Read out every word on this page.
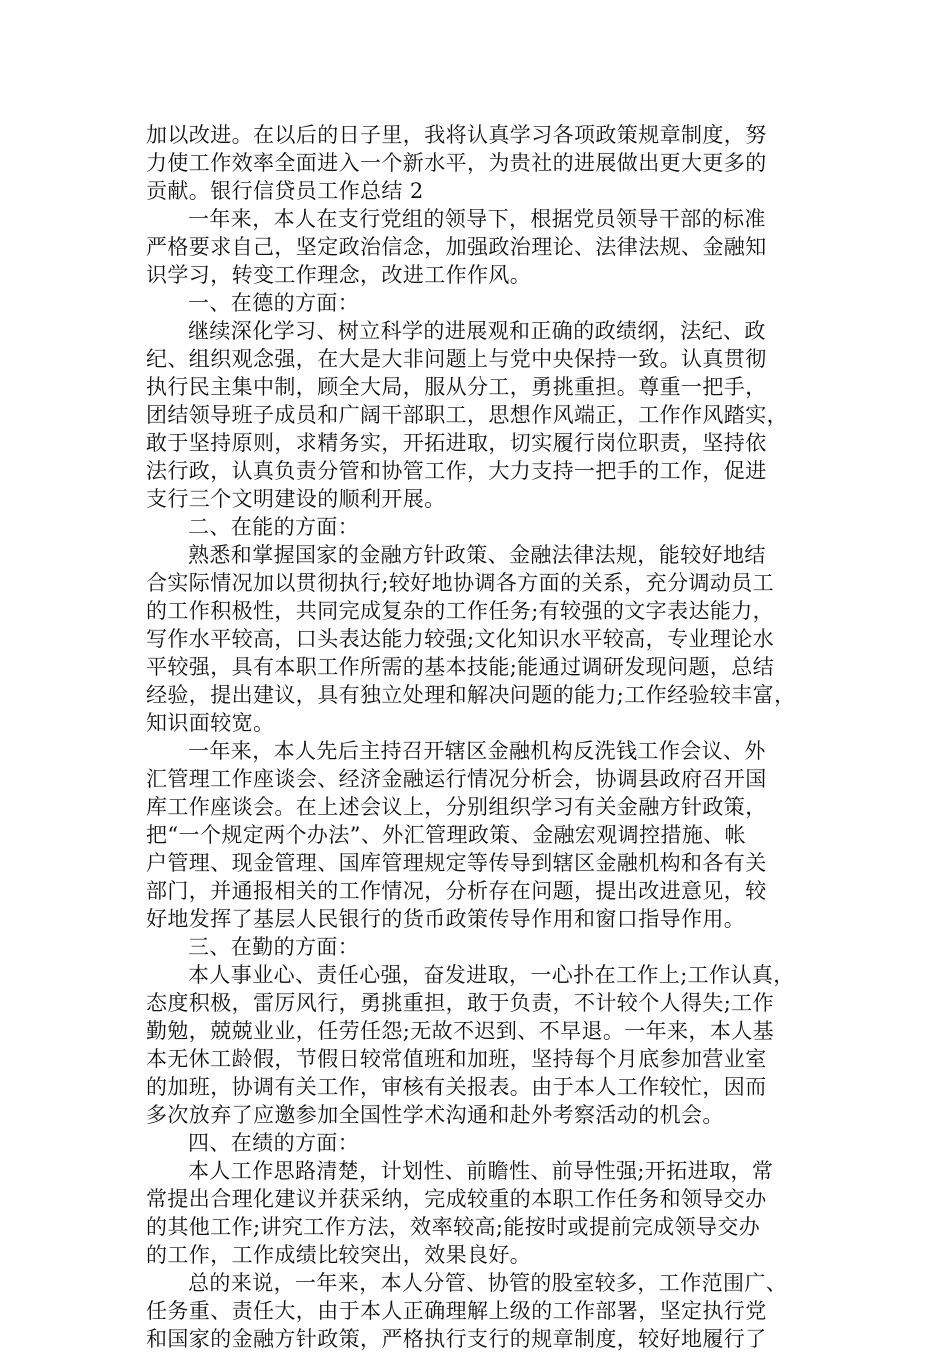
加以改进。在以后的日子里，我将认真学习各项政策规章制度，努
力使工作效率全面进入一个新水平，为贵社的进展做出更大更多的
贡献。银行信贷员工作总结 2
一年来，本人在支行党组的领导下，根据党员领导干部的标准
严格要求自己，坚定政治信念，加强政治理论、法律法规、金融知
识学习，转变工作理念，改进工作作风。
一、在德的方面：
继续深化学习、树立科学的进展观和正确的政绩纲，法纪、政
纪、组织观念强，在大是大非问题上与党中央保持一致。认真贯彻
执行民主集中制，顾全大局，服从分工，勇挑重担。尊重一把手，
团结领导班子成员和广阔干部职工，思想作风端正，工作作风踏实，
敢于坚持原则，求精务实，开拓进取，切实履行岗位职责，坚持依
法行政，认真负责分管和协管工作，大力支持一把手的工作，促进
支行三个文明建设的顺利开展。
二、在能的方面：
熟悉和掌握国家的金融方针政策、金融法律法规，能较好地结
合实际情况加以贯彻执行;较好地协调各方面的关系，充分调动员工
的工作积极性，共同完成复杂的工作任务;有较强的文字表达能力，
写作水平较高，口头表达能力较强;文化知识水平较高，专业理论水
平较强，具有本职工作所需的基本技能;能通过调研发现问题，总结
经验，提出建议，具有独立处理和解决问题的能力;工作经验较丰富，
知识面较宽。
一年来，本人先后主持召开辖区金融机构反洗钱工作会议、外
汇管理工作座谈会、经济金融运行情况分析会，协调县政府召开国
库工作座谈会。在上述会议上，分别组织学习有关金融方针政策，
把“一个规定两个办法”、外汇管理政策、金融宏观调控措施、帐
户管理、现金管理、国库管理规定等传导到辖区金融机构和各有关
部门，并通报相关的工作情况，分析存在问题，提出改进意见，较
好地发挥了基层人民银行的货币政策传导作用和窗口指导作用。
三、在勤的方面：
本人事业心、责任心强，奋发进取，一心扑在工作上;工作认真，
态度积极，雷厉风行，勇挑重担，敢于负责，不计较个人得失;工作
勤勉，兢兢业业，任劳任怨;无故不迟到、不早退。一年来，本人基
本无休工龄假，节假日较常值班和加班，坚持每个月底参加营业室
的加班，协调有关工作，审核有关报表。由于本人工作较忙，因而
多次放弃了应邀参加全国性学术沟通和赴外考察活动的机会。
四、在绩的方面：
本人工作思路清楚，计划性、前瞻性、前导性强;开拓进取，常
常提出合理化建议并获采纳，完成较重的本职工作任务和领导交办
的其他工作;讲究工作方法，效率较高;能按时或提前完成领导交办
的工作，工作成绩比较突出，效果良好。
总的来说，一年来，本人分管、协管的股室较多，工作范围广、
任务重、责任大，由于本人正确理解上级的工作部署，坚定执行党
和国家的金融方针政策，严格执行支行的规章制度，较好地履行了
